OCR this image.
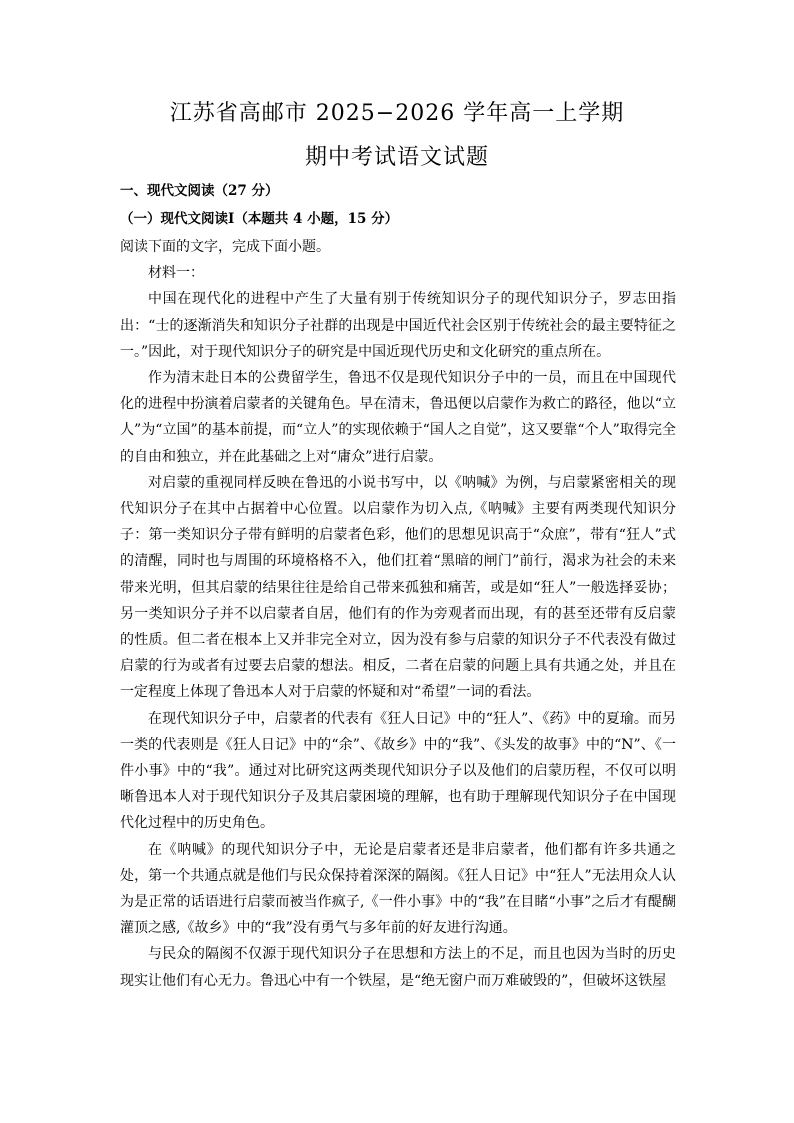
江苏省高邮市 2025−2026 学年高一上学期
期中考试语文试题
一、现代文阅读（27 分）
（一）现代文阅读Ⅰ（本题共 4 小题，15 分）

阅读下面的文字，完成下面小题。

材料一：

中国在现代化的进程中产生了大量有别于传统知识分子的现代知识分子，罗志田指出：“士的逐渐消失和知识分子社群的出现是中国近代社会区别于传统社会的最主要特征之一。”因此，对于现代知识分子的研究是中国近现代历史和文化研究的重点所在。

作为清末赴日本的公费留学生，鲁迅不仅是现代知识分子中的一员，而且在中国现代化的进程中扮演着启蒙者的关键角色。早在清末，鲁迅便以启蒙作为救亡的路径，他以“立人”为“立国”的基本前提，而“立人”的实现依赖于“国人之自觉”，这又要靠“个人”取得完全的自由和独立，并在此基础之上对“庸众”进行启蒙。

对启蒙的重视同样反映在鲁迅的小说书写中，以《呐喊》为例，与启蒙紧密相关的现代知识分子在其中占据着中心位置。以启蒙作为切入点,《呐喊》主要有两类现代知识分子：第一类知识分子带有鲜明的启蒙者色彩，他们的思想见识高于“众庶”，带有“狂人”式的清醒，同时也与周围的环境格格不入，他们扛着“黑暗的闸门”前行，渴求为社会的未来带来光明，但其启蒙的结果往往是给自己带来孤独和痛苦，或是如“狂人”一般选择妥协；另一类知识分子并不以启蒙者自居，他们有的作为旁观者而出现，有的甚至还带有反启蒙的性质。但二者在根本上又并非完全对立，因为没有参与启蒙的知识分子不代表没有做过启蒙的行为或者有过要去启蒙的想法。相反，二者在启蒙的问题上具有共通之处，并且在一定程度上体现了鲁迅本人对于启蒙的怀疑和对“希望”一词的看法。

在现代知识分子中，启蒙者的代表有《狂人日记》中的“狂人”、《药》中的夏瑜。而另一类的代表则是《狂人日记》中的“余”、《故乡》中的“我”、《头发的故事》中的“N”、《一件小事》中的“我”。通过对比研究这两类现代知识分子以及他们的启蒙历程，不仅可以明晰鲁迅本人对于现代知识分子及其启蒙困境的理解，也有助于理解现代知识分子在中国现代化过程中的历史角色。

在《呐喊》的现代知识分子中，无论是启蒙者还是非启蒙者，他们都有许多共通之处，第一个共通点就是他们与民众保持着深深的隔阂。《狂人日记》中“狂人”无法用众人认为是正常的话语进行启蒙而被当作疯子,《一件小事》中的“我”在目睹“小事”之后才有醍醐灌顶之感,《故乡》中的“我”没有勇气与多年前的好友进行沟通。

与民众的隔阂不仅源于现代知识分子在思想和方法上的不足，而且也因为当时的历史现实让他们有心无力。鲁迅心中有一个铁屋，是“绝无窗户而万难破毁的”，但破坏这铁屋
